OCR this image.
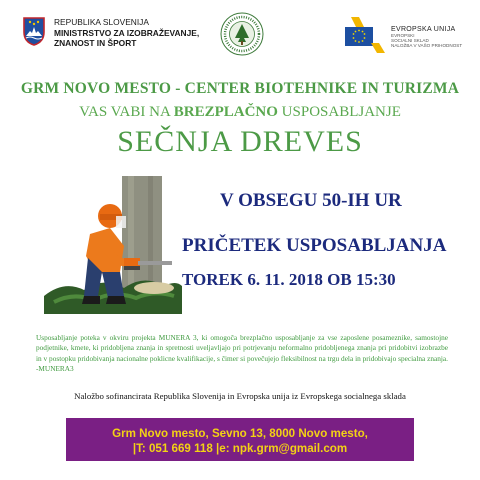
REPUBLIKA SLOVENIJA
MINISTRSTVO ZA IZOBRAŽEVANJE,
ZNANOST IN ŠPORT
EVROPSKA UNIJA
EVROPSKI
SOCIALNI SKLAD
NALOŽBA V VAŠO PRIHODNOST
GRM NOVO MESTO - CENTER BIOTEHNIKE IN TURIZMA
VAS VABI NA BREZPLAČNO USPOSABLJANJE
SEČNJA DREVES
V OBSEGU 50-IH UR
PRIČETEK USPOSABLJANJA
TOREK 6. 11. 2018 OB 15:30
Usposabljanje poteka v okviru projekta MUNERA 3, ki omogoča brezplačno usposabljanje za vse zaposlene posameznike, samostojne podjetnike, kmete, ki pridobljena znanja in spretnosti uveljavljajo pri potrjevanju neformalno pridobljenega znanja pri pridobitvi izobrazbe in v postopku pridobivanja nacionalne poklicne kvalifikacije, s čimer si povečujejo fleksibilnost na trgu dela in pridobivajo specialna znanja. -MUNERA3
Naložbo sofinancirata Republika Slovenija in Evropska unija iz Evropskega socialnega sklada
Grm Novo mesto, Sevno 13, 8000 Novo mesto,
|T: 051 669 118 |e: npk.grm@gmail.com
